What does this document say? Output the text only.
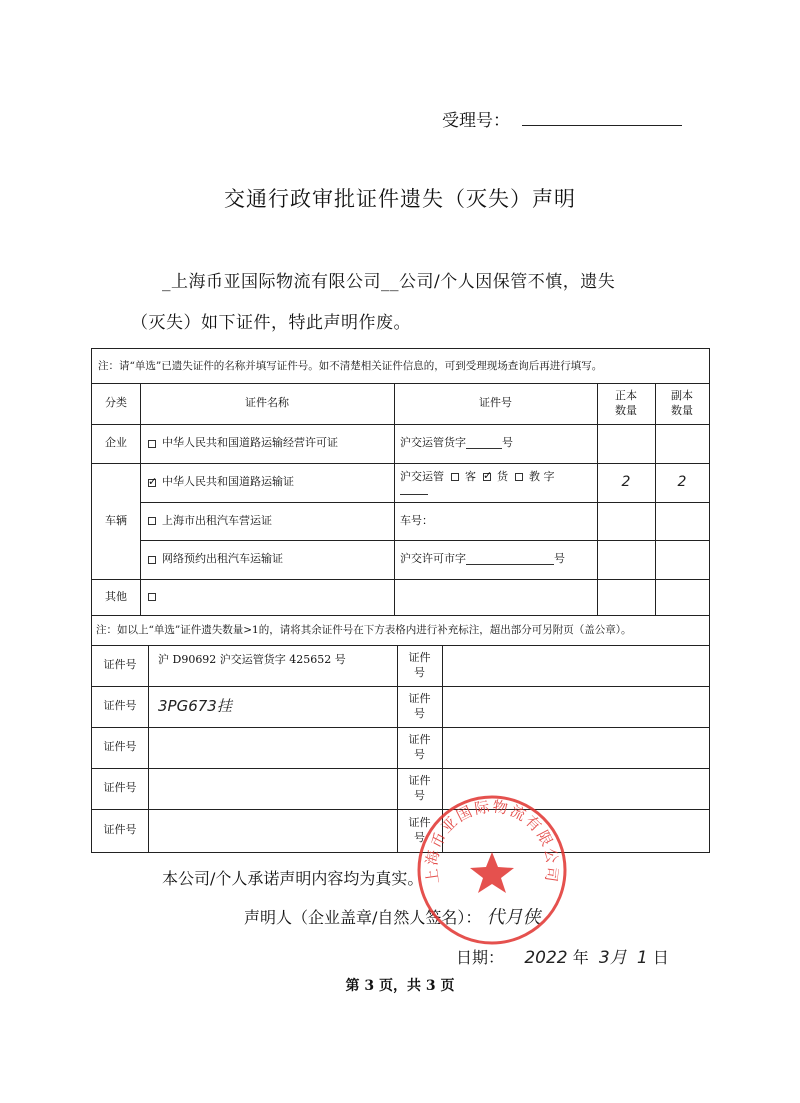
受理号：
交通行政审批证件遗失（灭失）声明
_上海币亚国际物流有限公司__公司/个人因保管不慎，遗失
（灭失）如下证件，特此声明作废。
注：请“单选”已遗失证件的名称并填写证件号。如不清楚相关证件信息的，可到受理现场查询后再进行填写。
分类	证件名称	证件号
正本
数量
副本
数量
企业	中华人民共和国道路运输经营许可证	沪交运管货字	号
车辆
✓
中华人民共和国道路运输证	沪交运管 客  ✓ 货 教 字	2	2
上海市出租汽车营运证	车号：
网络预约出租汽车运输证	沪交许可市字	号
其他
注：如以上“单选”证件遗失数量>1的，请将其余证件号在下方表格内进行补充标注，超出部分可另附页（盖公章）。
证件号	沪 D90692 沪交运管货字 425652 号	证件
号
证件号	3PG673挂	证件
号
证件号
证件
号
证件号
证件
号
证件号
证件
号
本公司/个人承诺声明内容均为真实。
声明人（企业盖章/自然人签名）： 代月侠
日期： 2022 年 3月 1 日
第 3 页，共 3 页
上海币亚国际物流有限公司
